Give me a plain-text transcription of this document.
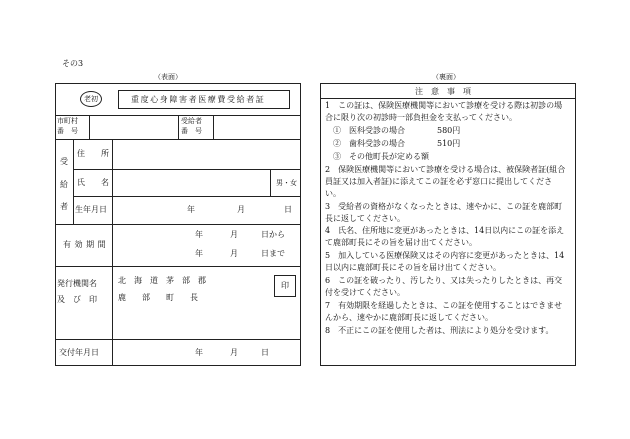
その3
（表面）
老初	重度心身障害者医療費受給者証
市町村
番　号
受給者
番　号
受
給
者
住　　所
氏　　名	男・女
生年月日	年	月	日
有 効 期 間
年	月	日から
年	月	日まで
発行機関名
及　び　印
北　海　道　茅　部　郡
鹿　　部　　町　　長
印
交付年月日	年	月	日
（裏面）
注　意　事　項
1　この証は、保険医療機関等において診療を受ける際は初診の場
合に限り次の初診時一部負担金を支払ってください。
①　医科受診の場合　　　　580円
②　歯科受診の場合　　　　510円
③　その他町長が定める額
2　保険医療機関等において診療を受ける場合は、被保険者証(組合
員証又は加入者証)に添えてこの証を必ず窓口に提出してくださ
い。
3　受給者の資格がなくなったときは、速やかに、この証を鹿部町
長に返してください。
4　氏名、住所地に変更があったときは、14日以内にこの証を添え
て鹿部町長にその旨を届け出てください。
5　加入している医療保険又はその内容に変更があったときは、14
日以内に鹿部町長にその旨を届け出てください。
6　この証を破ったり、汚したり、又は失ったりしたときは、再交
付を受けてください。
7　有効期限を経過したときは、この証を使用することはできませ
んから、速やかに鹿部町長に返してください。
8　不正にこの証を使用した者は、刑法により処分を受けます。
